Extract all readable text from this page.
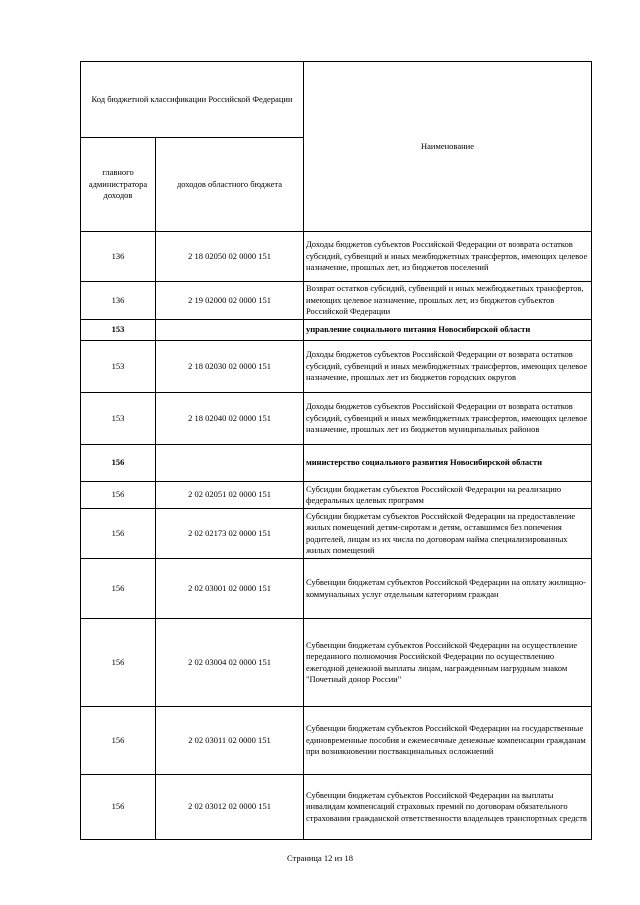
Код бюджетной классификации Российской Федерации		Наименование
главного администратора доходов	доходов областного бюджета	
136	2 18 02050 02 0000 151	Доходы бюджетов субъектов Российской Федерации от возврата остатков субсидий, субвенций и иных межбюджетных трансфертов, имеющих целевое назначение, прошлых лет, из бюджетов поселений
136	2 19 02000 02 0000 151	Возврат остатков субсидий, субвенций и иных межбюджетных трансфертов, имеющих целевое назначение, прошлых лет, из бюджетов субъектов Российской Федерации
153		управление социального питания Новосибирской области
153	2 18 02030 02 0000 151	Доходы бюджетов субъектов Российской Федерации от возврата остатков субсидий, субвенций и иных межбюджетных трансфертов, имеющих целевое назначение, прошлых лет из бюджетов городских округов
153	2 18 02040 02 0000 151	Доходы бюджетов субъектов Российской Федерации от возврата остатков субсидий, субвенций и иных межбюджетных трансфертов, имеющих целевое назначение, прошлых лет из бюджетов муниципальных районов
156		министерство социального развития Новосибирской области
156	2 02 02051 02 0000 151	Субсидии бюджетам субъектов Российской Федерации на реализацию федеральных целевых программ
156	2 02 02173 02 0000 151	Субсидии бюджетам субъектов Российской Федерации на предоставление жилых помещений детям-сиротам и детям, оставшимся без попечения родителей, лицам из их числа по договорам найма специализированных жилых помещений
156	2 02 03001 02 0000 151	Субвенции бюджетам субъектов Российской Федерации на оплату жилищно-коммунальных услуг отдельным категориям граждан
156	2 02 03004 02 0000 151	Субвенции бюджетам субъектов Российской Федерации на осуществление переданного полномочия Российской Федерации по осуществлению ежегодной денежной выплаты лицам, награжденным нагрудным знаком "Почетный донор России"
156	2 02 03011 02 0000 151	Субвенции бюджетам субъектов Российской Федерации на государственные единовременные пособия и ежемесячные денежные компенсации гражданам при возникновении поствакцинальных осложнений
156	2 02 03012 02 0000 151	Субвенции бюджетам субъектов Российской Федерации на выплаты инвалидам компенсаций страховых премий по договорам обязательного страхования гражданской ответственности владельцев транспортных средств
Страница 12 из 18
